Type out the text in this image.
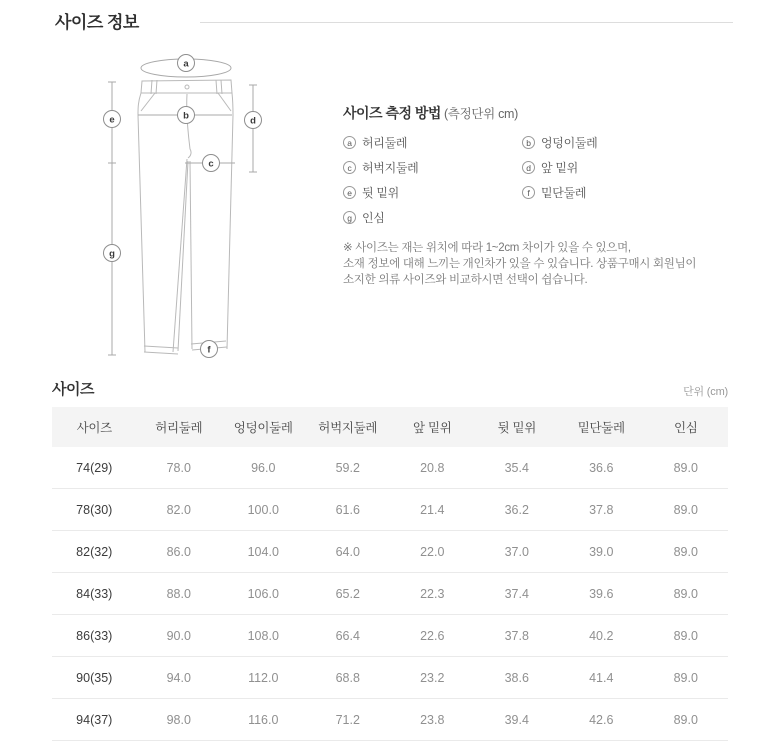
사이즈 정보
a
b
c
d
e
f
g
사이즈 측정 방법 (측정단위 cm)
a 허리둘레	b 엉덩이둘레
c 허벅지둘레	d 앞 밑위
e 뒷 밑위	f 밑단둘레
g 인심
※ 사이즈는 재는 위치에 따라 1~2cm 차이가 있을 수 있으며,
소재 정보에 대해 느끼는 개인차가 있을 수 있습니다. 상품구매시 회원님이
소지한 의류 사이즈와 비교하시면 선택이 쉽습니다.
사이즈	단위 (cm)
사이즈	허리둘레	엉덩이둘레	허벅지둘레	앞 밑위	뒷 밑위	밑단둘레	인심
74(29)	78.0	96.0	59.2	20.8	35.4	36.6	89.0
78(30)	82.0	100.0	61.6	21.4	36.2	37.8	89.0
82(32)	86.0	104.0	64.0	22.0	37.0	39.0	89.0
84(33)	88.0	106.0	65.2	22.3	37.4	39.6	89.0
86(33)	90.0	108.0	66.4	22.6	37.8	40.2	89.0
90(35)	94.0	112.0	68.8	23.2	38.6	41.4	89.0
94(37)	98.0	116.0	71.2	23.8	39.4	42.6	89.0
